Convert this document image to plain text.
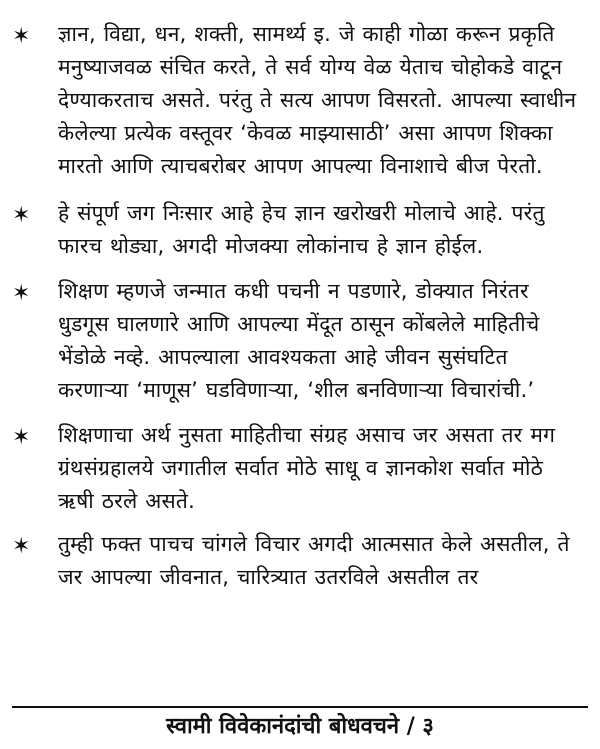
✶ ज्ञान, विद्या, धन, शक्ती, सामर्थ्य इ. जे काही गोळा करून प्रकृति मनुष्याजवळ संचित करते, ते सर्व योग्य वेळ येताच चोहोकडे वाटून देण्याकरताच असते. परंतु ते सत्य आपण विसरतो. आपल्या स्वाधीन केलेल्या प्रत्येक वस्तूवर ‘केवळ माझ्यासाठी’ असा आपण शिक्का मारतो आणि त्याचबरोबर आपण आपल्या विनाशाचे बीज पेरतो.
✶ हे संपूर्ण जग निःसार आहे हेच ज्ञान खरोखरी मोलाचे आहे. परंतु फारच थोड्या, अगदी मोजक्या लोकांनाच हे ज्ञान होईल.
✶ शिक्षण म्हणजे जन्मात कधी पचनी न पडणारे, डोक्यात निरंतर धुडगूस घालणारे आणि आपल्या मेंदूत ठासून कोंबलेले माहितीचे भेंडोळे नव्हे. आपल्याला आवश्यकता आहे जीवन सुसंघटित करणाऱ्या ‘माणूस’ घडविणाऱ्या, ‘शील बनविणाऱ्या विचारांची.’
✶ शिक्षणाचा अर्थ नुसता माहितीचा संग्रह असाच जर असता तर मग ग्रंथसंग्रहालये जगातील सर्वात मोठे साधू व ज्ञानकोश सर्वात मोठे ऋषी ठरले असते.
✶ तुम्ही फक्त पाचच चांगले विचार अगदी आत्मसात केले असतील, ते जर आपल्या जीवनात, चारित्र्यात उतरविले असतील तर
स्वामी विवेकानंदांची बोधवचने / ३
